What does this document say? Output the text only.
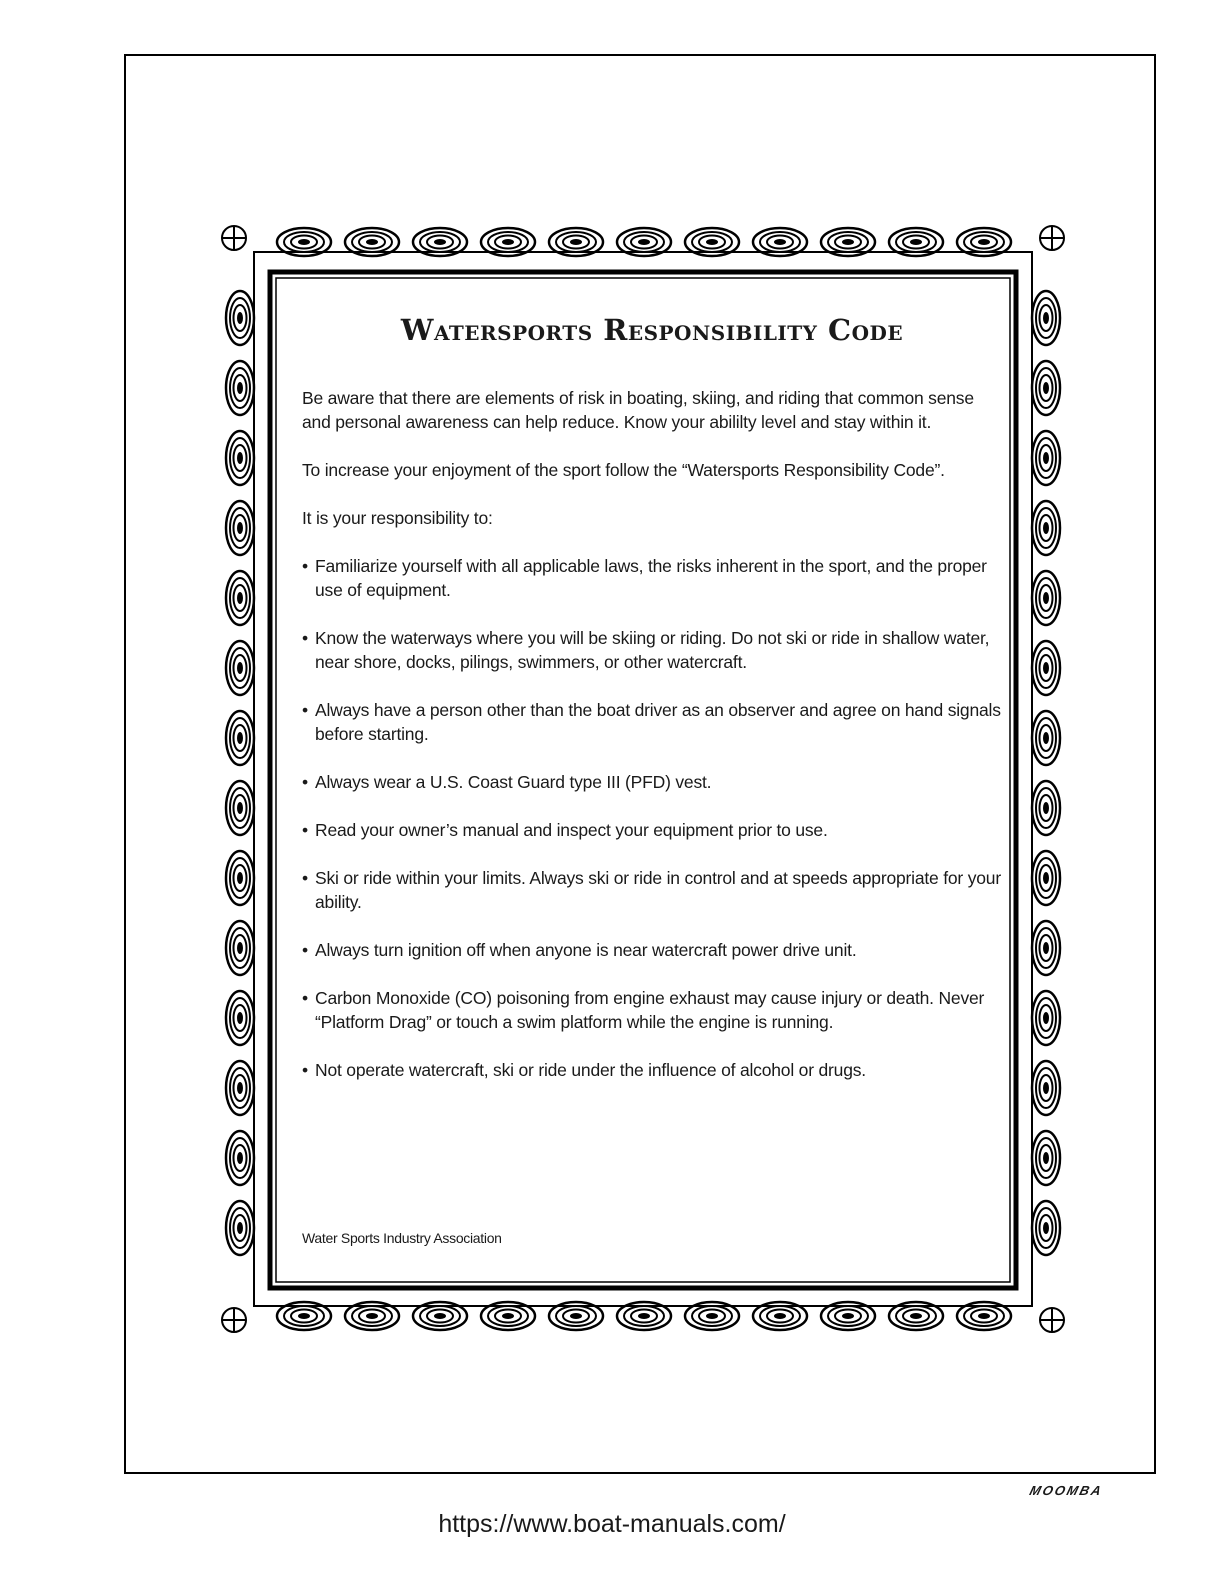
Watersports Responsibility Code

Be aware that there are elements of risk in boating, skiing, and riding that common sense and personal awareness can help reduce. Know your abililty level and stay within it.

To increase your enjoyment of the sport follow the “Watersports Responsibility Code”.

It is your responsibility to:

• Familiarize yourself with all applicable laws, the risks inherent in the sport, and the proper use of equipment.
• Know the waterways where you will be skiing or riding. Do not ski or ride in shallow water, near shore, docks, pilings, swimmers, or other watercraft.
• Always have a person other than the boat driver as an observer and agree on hand signals before starting.
• Always wear a U.S. Coast Guard type III (PFD) vest.
• Read your owner’s manual and inspect your equipment prior to use.
• Ski or ride within your limits. Always ski or ride in control and at speeds appropriate for your ability.
• Always turn ignition off when anyone is near watercraft power drive unit.
• Carbon Monoxide (CO) poisoning from engine exhaust may cause injury or death. Never “Platform Drag” or touch a swim platform while the engine is running.
• Not operate watercraft, ski or ride under the influence of alcohol or drugs.
Water Sports Industry Association
MOOMBA
https://www.boat-manuals.com/
